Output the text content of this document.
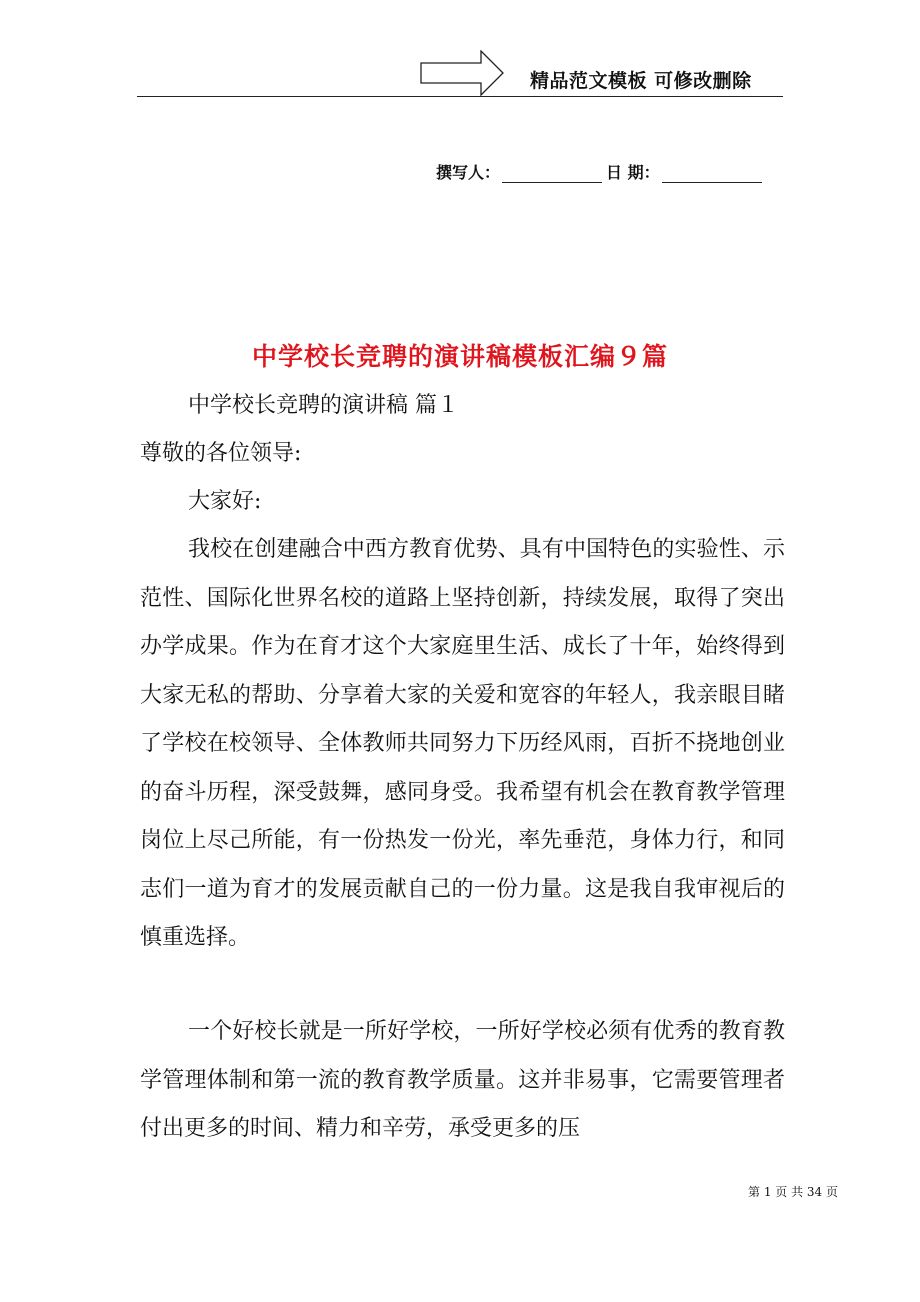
精品范文模板 可修改删除
撰写人：	日 期：
中学校长竞聘的演讲稿模板汇编９篇
中学校长竞聘的演讲稿 篇１
尊敬的各位领导:
大家好:
我校在创建融合中西方教育优势、具有中国特色的实验性、示范性、国际化世界名校的道路上坚持创新，持续发展，取得了突出办学成果。作为在育才这个大家庭里生活、成长了十年，始终得到大家无私的帮助、分享着大家的关爱和宽容的年轻人，我亲眼目睹了学校在校领导、全体教师共同努力下历经风雨，百折不挠地创业的奋斗历程，深受鼓舞，感同身受。我希望有机会在教育教学管理岗位上尽己所能，有一份热发一份光，率先垂范，身体力行，和同志们一道为育才的发展贡献自己的一份力量。这是我自我审视后的慎重选择。
一个好校长就是一所好学校，一所好学校必须有优秀的教育教学管理体制和第一流的教育教学质量。这并非易事，它需要管理者付出更多的时间、精力和辛劳，承受更多的压
第 1 页 共 34 页
